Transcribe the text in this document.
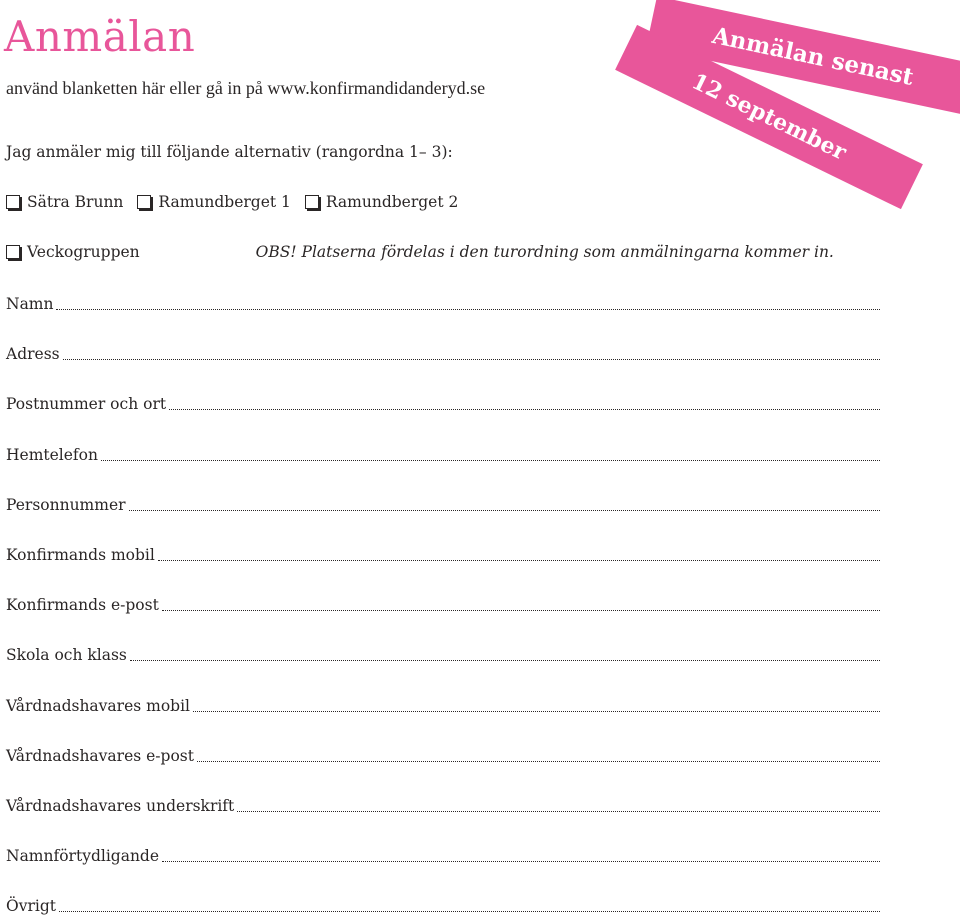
Anmälan
använd blanketten här eller gå in på www.konfirmandidanderyd.se	Anmälan senast
12 september
Jag anmäler mig till följande alternativ (rangordna 1– 3):
Sätra Brunn Ramundberget 1 Ramundberget 2
Veckogruppen	OBS! Platserna fördelas i den turordning som anmälningarna kommer in.
Namn
Adress
Postnummer och ort
Hemtelefon
Personnummer
Konfirmands mobil
Konfirmands e-post
Skola och klass
Vårdnadshavares mobil
Vårdnadshavares e-post
Vårdnadshavares underskrift
Namnförtydligande
Övrigt
